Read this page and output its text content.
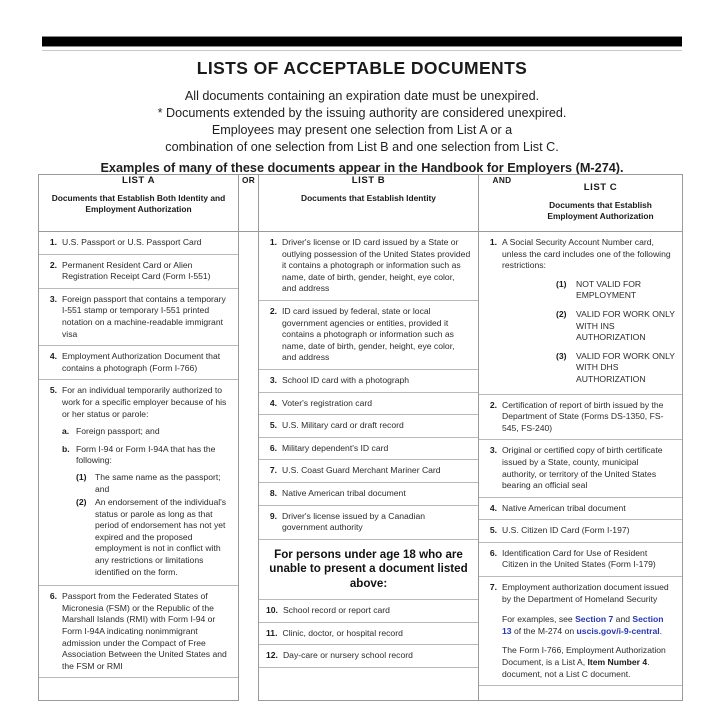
LISTS OF ACCEPTABLE DOCUMENTS
All documents containing an expiration date must be unexpired.
* Documents extended by the issuing authority are considered unexpired.
Employees may present one selection from List A or a
combination of one selection from List B and one selection from List C.
Examples of many of these documents appear in the Handbook for Employers (M-274).
LIST A
Documents that Establish Both Identity and Employment Authorization
	OR	LIST B
Documents that Establish Identity

AND	
LIST C
Documents that Establish Employment Authorization

1. U.S. Passport or U.S. Passport Card
2. Permanent Resident Card or Alien Registration Receipt Card (Form I-551)
3. Foreign passport that contains a temporary I-551 stamp or temporary I-551 printed notation on a machine-readable immigrant visa
4. Employment Authorization Document that contains a photograph (Form I-766)
5. For an individual temporarily authorized to work for a specific employer because of his or her status or parole:
a. Foreign passport; and
b. Form I-94 or Form I-94A that has the following:
(1) The same name as the passport; and
(2) An endorsement of the individual's status or parole as long as that period of endorsement has not yet expired and the proposed employment is not in conflict with any restrictions or limitations identified on the form.
6. Passport from the Federated States of Micronesia (FSM) or the Republic of the Marshall Islands (RMI) with Form I-94 or Form I-94A indicating nonimmigrant admission under the Compact of Free Association Between the United States and the FSM or RMI

1. Driver's license or ID card issued by a State or outlying possession of the United States provided it contains a photograph or information such as name, date of birth, gender, height, eye color, and address
2. ID card issued by federal, state or local government agencies or entities, provided it contains a photograph or information such as name, date of birth, gender, height, eye color, and address
3. School ID card with a photograph
4. Voter's registration card
5. U.S. Military card or draft record
6. Military dependent's ID card
7. U.S. Coast Guard Merchant Mariner Card
8. Native American tribal document
9. Driver's license issued by a Canadian government authority
For persons under age 18 who are unable to present a document listed above:
10. School record or report card
11. Clinic, doctor, or hospital record
12. Day-care or nursery school record

1. A Social Security Account Number card, unless the card includes one of the following restrictions:
(1)	NOT VALID FOR EMPLOYMENT
(2)	VALID FOR WORK ONLY WITH INS AUTHORIZATION
(3)	VALID FOR WORK ONLY WITH DHS AUTHORIZATION
2. Certification of report of birth issued by the Department of State (Forms DS-1350, FS-545, FS-240)
3. Original or certified copy of birth certificate issued by a State, county, municipal authority, or territory of the United States bearing an official seal
4. Native American tribal document
5. U.S. Citizen ID Card (Form I-197)
6. Identification Card for Use of Resident Citizen in the United States (Form I-179)
7. Employment authorization document issued by the Department of Homeland Security
For examples, see Section 7 and Section 13 of the M-274 on uscis.gov/i-9-central.
The Form I-766, Employment Authorization Document, is a List A, Item Number 4. document, not a List C document.
